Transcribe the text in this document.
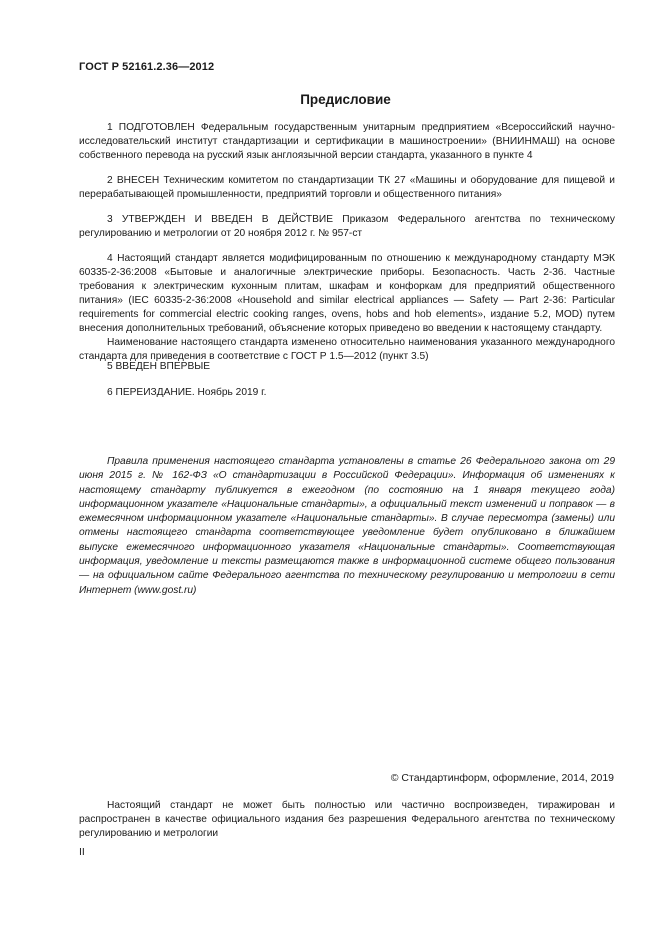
ГОСТ Р 52161.2.36—2012
Предисловие

1 ПОДГОТОВЛЕН Федеральным государственным унитарным предприятием «Всероссийский научно-исследовательский институт стандартизации и сертификации в машиностроении» (ВНИИНМАШ) на основе собственного перевода на русский язык англоязычной версии стандарта, указанного в пункте 4

2 ВНЕСЕН Техническим комитетом по стандартизации ТК 27 «Машины и оборудование для пищевой и перерабатывающей промышленности, предприятий торговли и общественного питания»

3 УТВЕРЖДЕН И ВВЕДЕН В ДЕЙСТВИЕ Приказом Федерального агентства по техническому регулированию и метрологии от 20 ноября 2012 г. № 957-ст

4 Настоящий стандарт является модифицированным по отношению к международному стандарту МЭК 60335-2-36:2008 «Бытовые и аналогичные электрические приборы. Безопасность. Часть 2-36. Частные требования к электрическим кухонным плитам, шкафам и конфоркам для предприятий общественного питания» (IEC 60335-2-36:2008 «Household and similar electrical appliances — Safety — Part 2-36: Particular requirements for commercial electric cooking ranges, ovens, hobs and hob elements», издание 5.2, MOD) путем внесения дополнительных требований, объяснение которых приведено во введении к настоящему стандарту.

Наименование настоящего стандарта изменено относительно наименования указанного международного стандарта для приведения в соответствие с ГОСТ Р 1.5—2012 (пункт 3.5)

5 ВВЕДЕН ВПЕРВЫЕ

6 ПЕРЕИЗДАНИЕ. Ноябрь 2019 г.

Правила применения настоящего стандарта установлены в статье 26 Федерального закона от 29 июня 2015 г. № 162-ФЗ «О стандартизации в Российской Федерации». Информация об изменениях к настоящему стандарту публикуется в ежегодном (по состоянию на 1 января текущего года) информационном указателе «Национальные стандарты», а официальный текст изменений и поправок — в ежемесячном информационном указателе «Национальные стандарты». В случае пересмотра (замены) или отмены настоящего стандарта соответствующее уведомление будет опубликовано в ближайшем выпуске ежемесячного информационного указателя «Национальные стандарты». Соответствующая информация, уведомление и тексты размещаются также в информационной системе общего пользования — на официальном сайте Федерального агентства по техническому регулированию и метрологии в сети Интернет (www.gost.ru)

© Стандартинформ, оформление, 2014, 2019

Настоящий стандарт не может быть полностью или частично воспроизведен, тиражирован и распространен в качестве официального издания без разрешения Федерального агентства по техническому регулированию и метрологии

II
